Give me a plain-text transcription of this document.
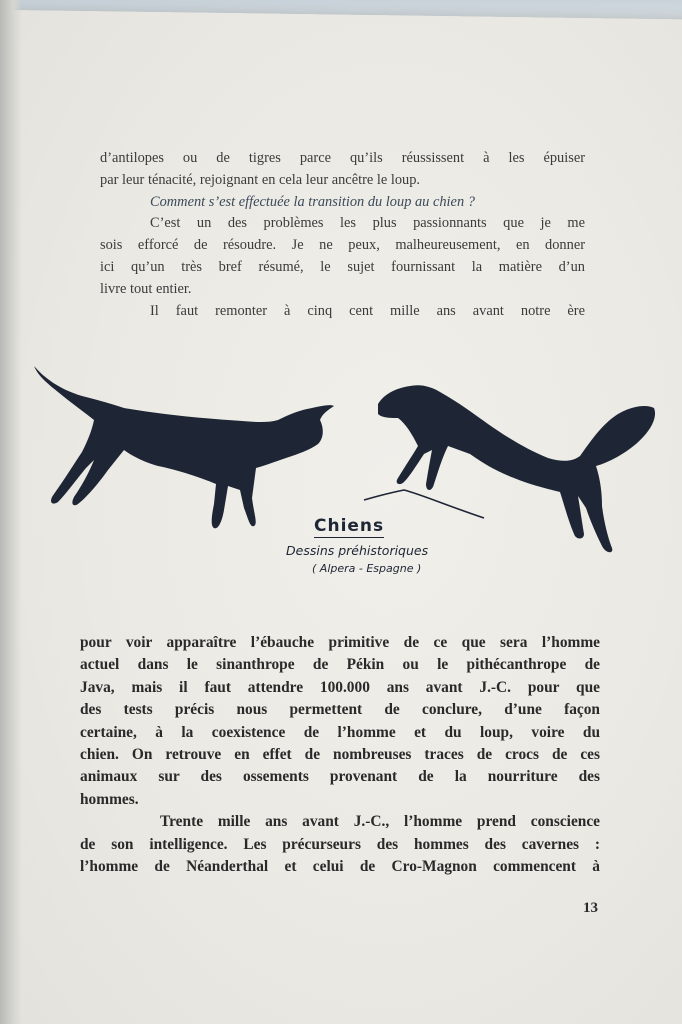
d’antilopes ou de tigres parce qu’ils réussissent à les épuiser
par leur ténacité, rejoignant en cela leur ancêtre le loup.
Comment s’est effectuée la transition du loup au chien ?
C’est un des problèmes les plus passionnants que je me
sois efforcé de résoudre. Je ne peux, malheureusement, en donner
ici qu’un très bref résumé, le sujet fournissant la matière d’un
livre tout entier.
Il faut remonter à cinq cent mille ans avant notre ère
Chiens
Dessins préhistoriques
( Alpera - Espagne )
pour voir apparaître l’ébauche primitive de ce que sera l’homme
actuel dans le sinanthrope de Pékin ou le pithécanthrope de
Java, mais il faut attendre 100.000 ans avant J.-C. pour que
des tests précis nous permettent de conclure, d’une façon
certaine, à la coexistence de l’homme et du loup, voire du
chien. On retrouve en effet de nombreuses traces de crocs de ces
animaux sur des ossements provenant de la nourriture des
hommes.
Trente mille ans avant J.-C., l’homme prend conscience
de son intelligence. Les précurseurs des hommes des cavernes :
l’homme de Néanderthal et celui de Cro-Magnon commencent à
13
